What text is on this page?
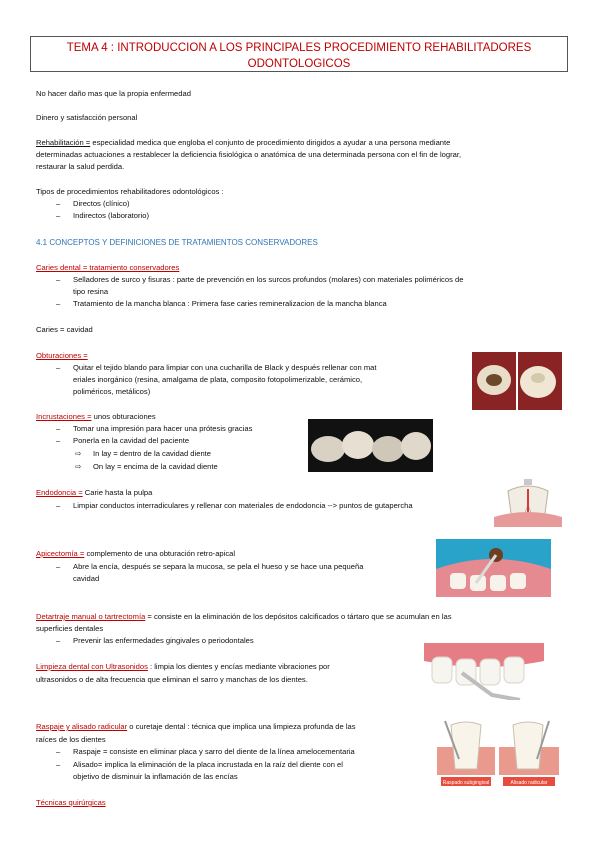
TEMA 4 : INTRODUCCION A LOS PRINCIPALES PROCEDIMIENTO REHABILITADORES
ODONTOLOGICOS
No hacer daño mas que la propia enfermedad
Dinero y satisfacción personal
Rehabilitación = especialidad medica que engloba el conjunto de procedimiento dirigidos a ayudar a una persona mediante
determinadas actuaciones a restablecer la deficiencia fisiológica o anatómica de una determinada persona con el fin de lograr,
restaurar la salud perdida.
Tipos de procedimientos rehabilitadores odontológicos :
– Directos (clínico)
– Indirectos (laboratorio)
4.1 CONCEPTOS Y DEFINICIONES DE TRATAMIENTOS CONSERVADORES
Caries dental = tratamiento conservadores
– Selladores de surco y fisuras : parte de prevención en los surcos profundos (molares) con materiales poliméricos de
tipo resina
– Tratamiento de la mancha blanca : Primera fase caries remineralizacion de la mancha blanca
Caries = cavidad
Obturaciones =
– Quitar el tejido blando para limpiar con una cucharilla de Black y después rellenar con mat
eriales inorgánico (resina, amalgama de plata, composito fotopolimerizable, cerámico,
poliméricos, metálicos)
Incrustaciones = unos obturaciones
– Tomar una impresión para hacer una prótesis gracias
– Ponerla en la cavidad del paciente
⇨ In lay = dentro de la cavidad diente
⇨ On lay = encima de la cavidad diente
Endodoncia = Carie hasta la pulpa
– Limpiar conductos interradiculares y rellenar con materiales de endodoncia --> puntos de gutapercha
Apicectomía = complemento de una obturación retro-apical
– Abre la encía, después se separa la mucosa, se pela el hueso y se hace una pequeña
cavidad
Detartraje manual o tartrectomía = consiste en la eliminación de los depósitos calcificados o tártaro que se acumulan en las
superficies dentales
– Prevenir las enfermedades gingivales o periodontales
Limpieza dental con Ultrasonidos : limpia los dientes y encías mediante vibraciones por
ultrasonidos o de alta frecuencia que eliminan el sarro y manchas de los dientes.
Raspaje y alisado radicular o curetaje dental : técnica que implica una limpieza profunda de las
raíces de los dientes
– Raspaje = consiste en eliminar placa y sarro del diente de la línea amelocementaria
– Alisado= implica la eliminación de la placa incrustada en la raíz del diente con el
objetivo de disminuir la inflamación de las encías
Raspado subgingival	Alisado radicular
Técnicas quirúrgicas
